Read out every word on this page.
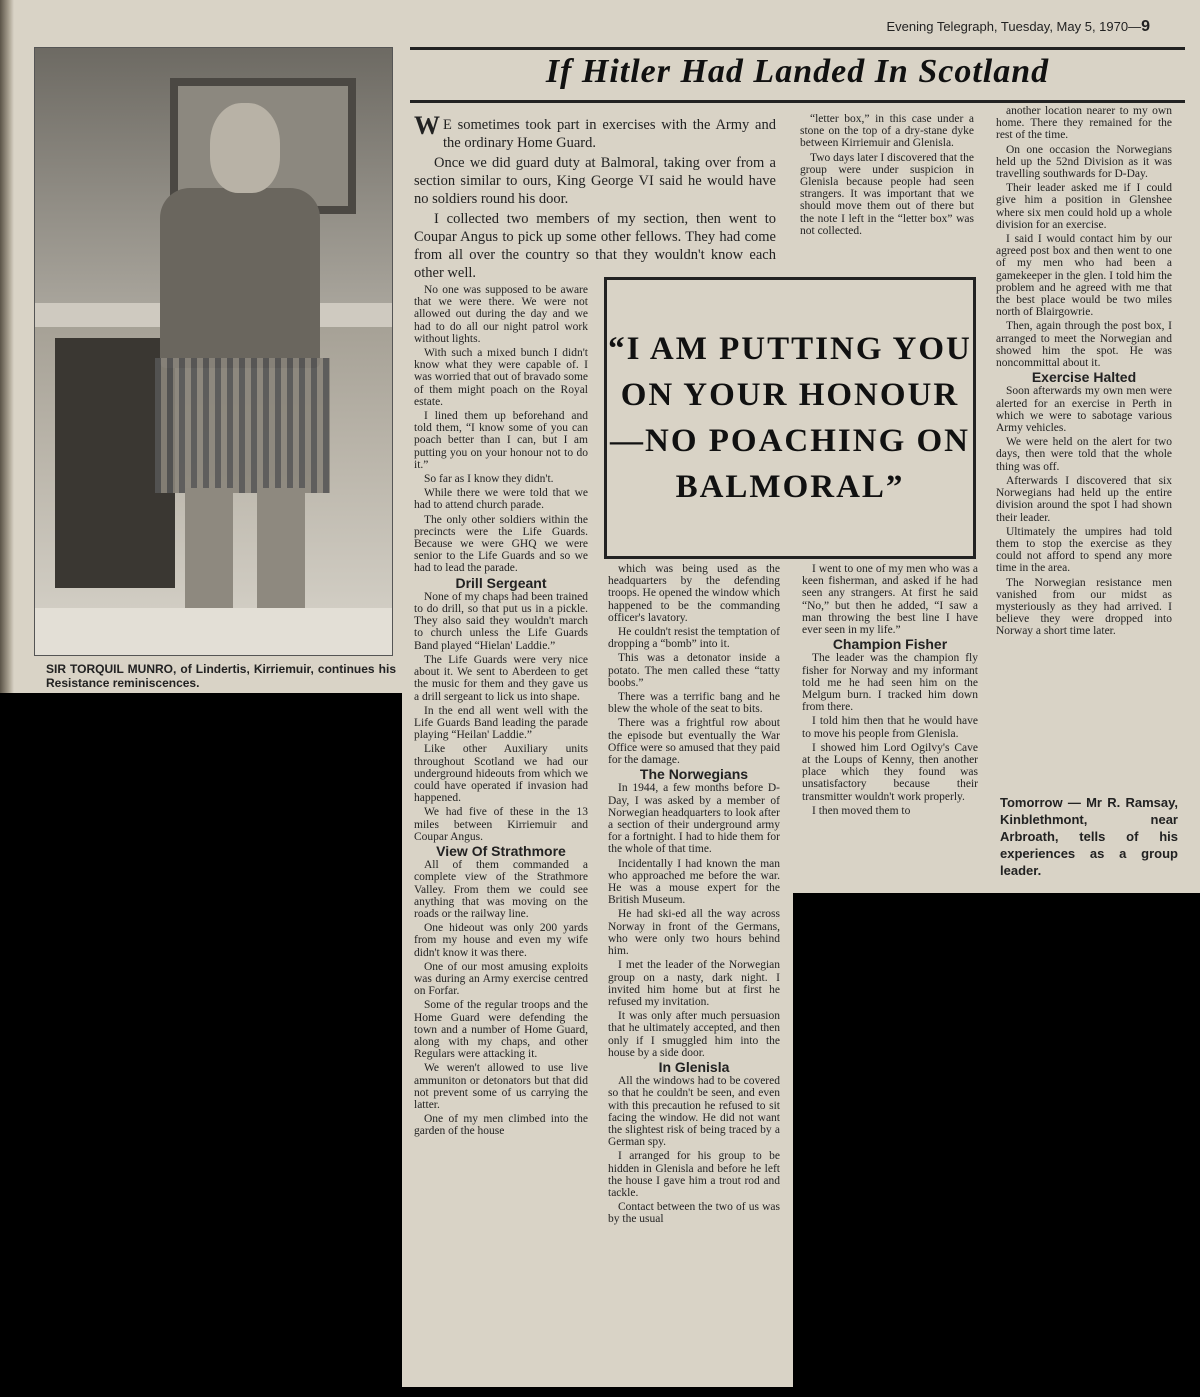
Evening Telegraph, Tuesday, May 5, 1970—9
SIR TORQUIL MUNRO, of Lindertis, Kirriemuir, continues his Resistance reminiscences.
If Hitler Had Landed In Scotland

W E sometimes took part in exercises with the Army and the ordinary Home Guard.

Once we did guard duty at Balmoral, taking over from a section similar to ours, King George VI said he would have no soldiers round his door.

I collected two members of my section, then went to Coupar Angus to pick up some other fellows. They had come from all over the country so that they wouldn't know each other well.

“I AM PUTTING YOU ON YOUR HONOUR—NO POACHING ON BALMORAL”

No one was supposed to be aware that we were there. We were not allowed out during the day and we had to do all our night patrol work without lights.

With such a mixed bunch I didn't know what they were capable of. I was worried that out of bravado some of them might poach on the Royal estate.

I lined them up beforehand and told them, “I know some of you can poach better than I can, but I am putting you on your honour not to do it.”

So far as I know they didn't.

While there we were told that we had to attend church parade.

The only other soldiers within the precincts were the Life Guards. Because we were GHQ we were senior to the Life Guards and so we had to lead the parade.

Drill Sergeant

None of my chaps had been trained to do drill, so that put us in a pickle. They also said they wouldn't march to church unless the Life Guards Band played “Hielan' Laddie.”

The Life Guards were very nice about it. We sent to Aberdeen to get the music for them and they gave us a drill sergeant to lick us into shape.

In the end all went well with the Life Guards Band leading the parade playing “Heilan' Laddie.”

Like other Auxiliary units throughout Scotland we had our underground hideouts from which we could have operated if invasion had happened.

We had five of these in the 13 miles between Kirriemuir and Coupar Angus.

View Of Strathmore

All of them commanded a complete view of the Strathmore Valley. From them we could see anything that was moving on the roads or the railway line.

One hideout was only 200 yards from my house and even my wife didn't know it was there.

One of our most amusing exploits was during an Army exercise centred on Forfar.

Some of the regular troops and the Home Guard were defending the town and a number of Home Guard, along with my chaps, and other Regulars were attacking it.

We weren't allowed to use live ammuniton or detonators but that did not prevent some of us carrying the latter.

One of my men climbed into the garden of the house

which was being used as the headquarters by the defending troops. He opened the window which happened to be the commanding officer's lavatory.

He couldn't resist the temptation of dropping a “bomb” into it.

This was a detonator inside a potato. The men called these “tatty boobs.”

There was a terrific bang and he blew the whole of the seat to bits.

There was a frightful row about the episode but eventually the War Office were so amused that they paid for the damage.

The Norwegians

In 1944, a few months before D-Day, I was asked by a member of Norwegian headquarters to look after a section of their underground army for a fortnight. I had to hide them for the whole of that time.

Incidentally I had known the man who approached me before the war. He was a mouse expert for the British Museum.

He had ski-ed all the way across Norway in front of the Germans, who were only two hours behind him.

I met the leader of the Norwegian group on a nasty, dark night. I invited him home but at first he refused my invitation.

It was only after much persuasion that he ultimately accepted, and then only if I smuggled him into the house by a side door.

In Glenisla

All the windows had to be covered so that he couldn't be seen, and even with this precaution he refused to sit facing the window. He did not want the slightest risk of being traced by a German spy.

I arranged for his group to be hidden in Glenisla and before he left the house I gave him a trout rod and tackle.

Contact between the two of us was by the usual

“letter box,” in this case under a stone on the top of a dry-stane dyke between Kirriemuir and Glenisla.

Two days later I discovered that the group were under suspicion in Glenisla because people had seen strangers. It was important that we should move them out of there but the note I left in the “letter box” was not collected.

I went to one of my men who was a keen fisherman, and asked if he had seen any strangers. At first he said “No,” but then he added, “I saw a man throwing the best line I have ever seen in my life.”

Champion Fisher

The leader was the champion fly fisher for Norway and my informant told me he had seen him on the Melgum burn. I tracked him down from there.

I told him then that he would have to move his people from Glenisla.

I showed him Lord Ogilvy's Cave at the Loups of Kenny, then another place which they found was unsatisfactory because their transmitter wouldn't work properly.

I then moved them to

another location nearer to my own home. There they remained for the rest of the time.

On one occasion the Norwegians held up the 52nd Division as it was travelling southwards for D-Day.

Their leader asked me if I could give him a position in Glenshee where six men could hold up a whole division for an exercise.

I said I would contact him by our agreed post box and then went to one of my men who had been a gamekeeper in the glen. I told him the problem and he agreed with me that the best place would be two miles north of Blairgowrie.

Then, again through the post box, I arranged to meet the Norwegian and showed him the spot. He was noncommittal about it.

Exercise Halted

Soon afterwards my own men were alerted for an exercise in Perth in which we were to sabotage various Army vehicles.

We were held on the alert for two days, then were told that the whole thing was off.

Afterwards I discovered that six Norwegians had held up the entire division around the spot I had shown their leader.

Ultimately the umpires had told them to stop the exercise as they could not afford to spend any more time in the area.

The Norwegian resistance men vanished from our midst as mysteriously as they had arrived. I believe they were dropped into Norway a short time later.

Tomorrow — Mr R. Ramsay, Kinblethmont, near Arbroath, tells of his experiences as a group leader.
